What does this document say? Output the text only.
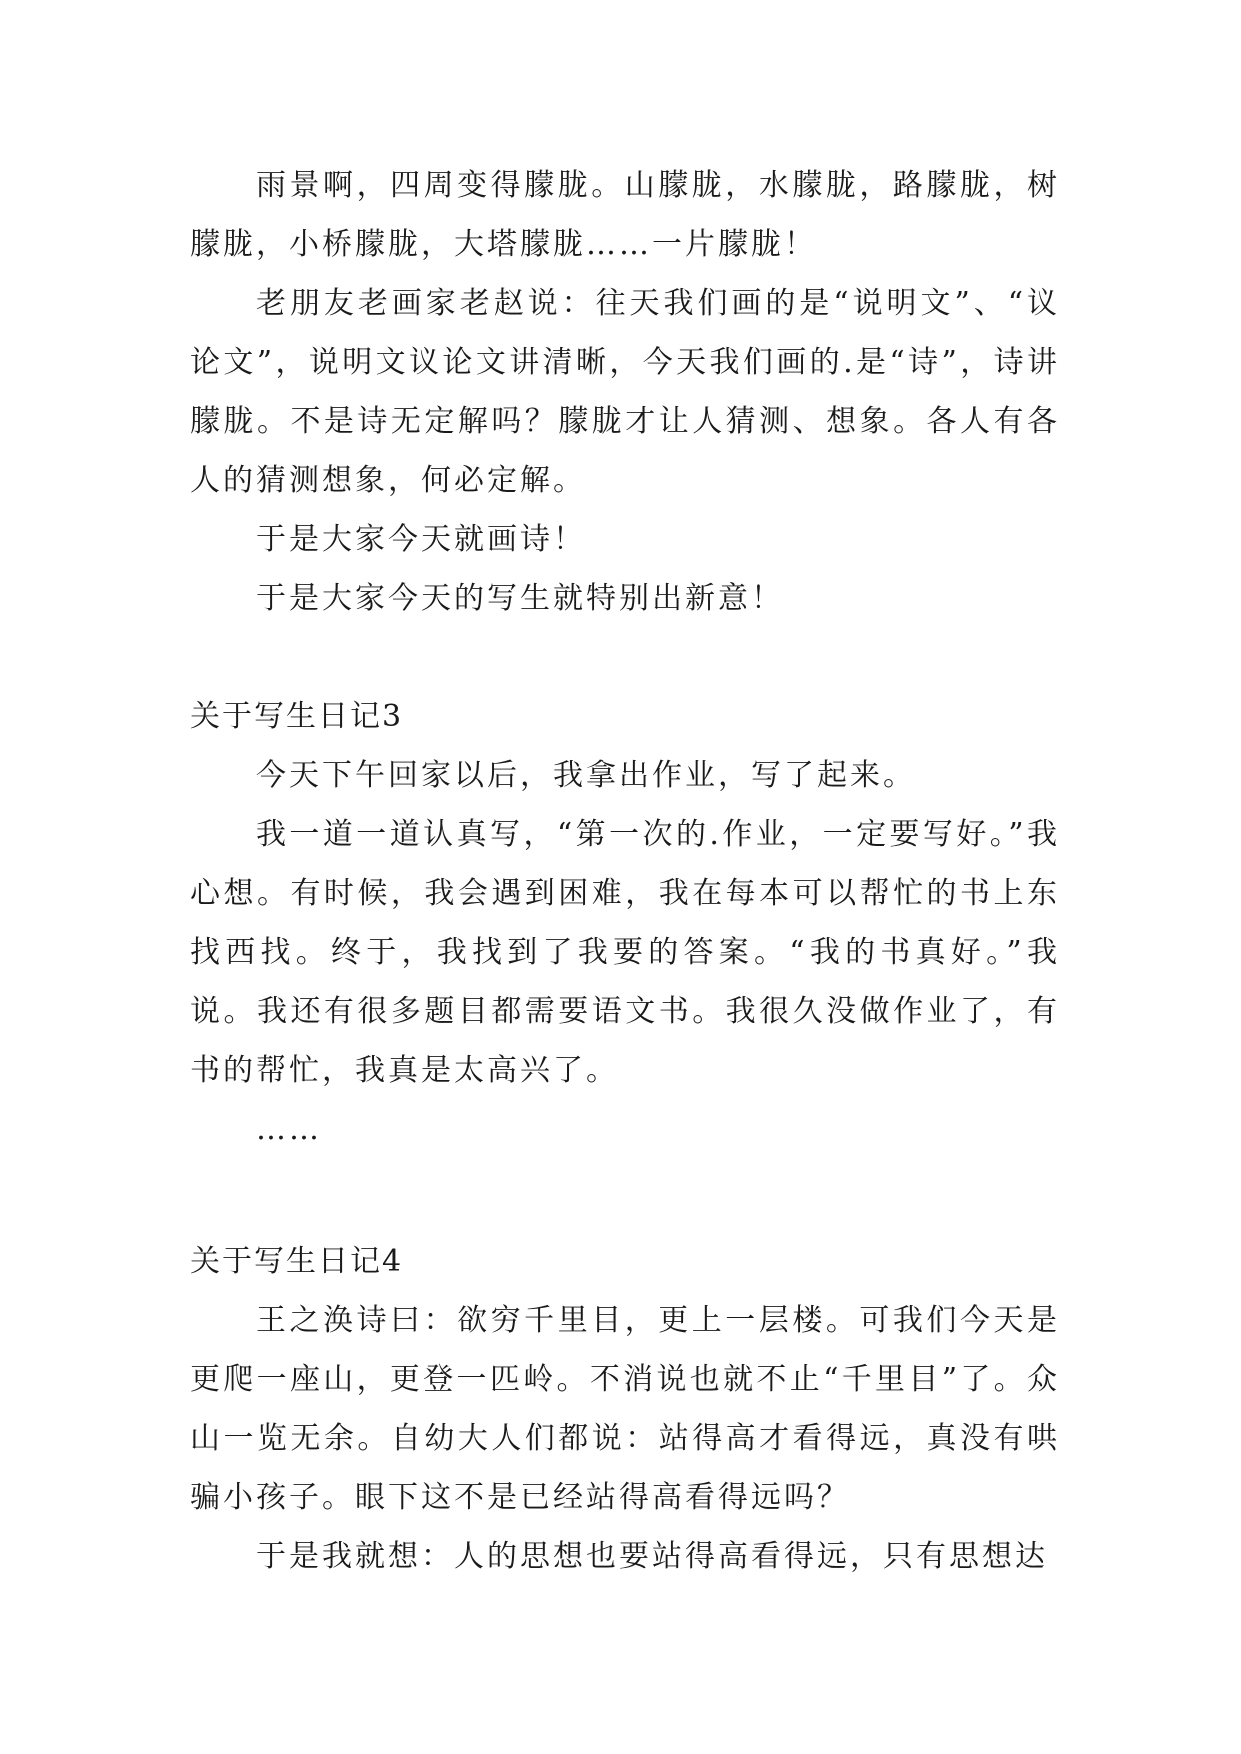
雨景啊，四周变得朦胧。山朦胧，水朦胧，路朦胧，树朦胧，小桥朦胧，大塔朦胧……一片朦胧！

老朋友老画家老赵说：往天我们画的是“说明文”、“议论文”，说明文议论文讲清晰，今天我们画的.是“诗”，诗讲朦胧。不是诗无定解吗？朦胧才让人猜测、想象。各人有各人的猜测想象，何必定解。

于是大家今天就画诗！

于是大家今天的写生就特别出新意！

关于写生日记3

今天下午回家以后，我拿出作业，写了起来。

我一道一道认真写，“第一次的.作业，一定要写好。”我心想。有时候，我会遇到困难，我在每本可以帮忙的书上东找西找。终于，我找到了我要的答案。“我的书真好。”我说。我还有很多题目都需要语文书。我很久没做作业了，有书的帮忙，我真是太高兴了。

……

关于写生日记4

王之涣诗曰：欲穷千里目，更上一层楼。可我们今天是更爬一座山，更登一匹岭。不消说也就不止“千里目”了。众山一览无余。自幼大人们都说：站得高才看得远，真没有哄骗小孩子。眼下这不是已经站得高看得远吗？

于是我就想：人的思想也要站得高看得远，只有思想达
